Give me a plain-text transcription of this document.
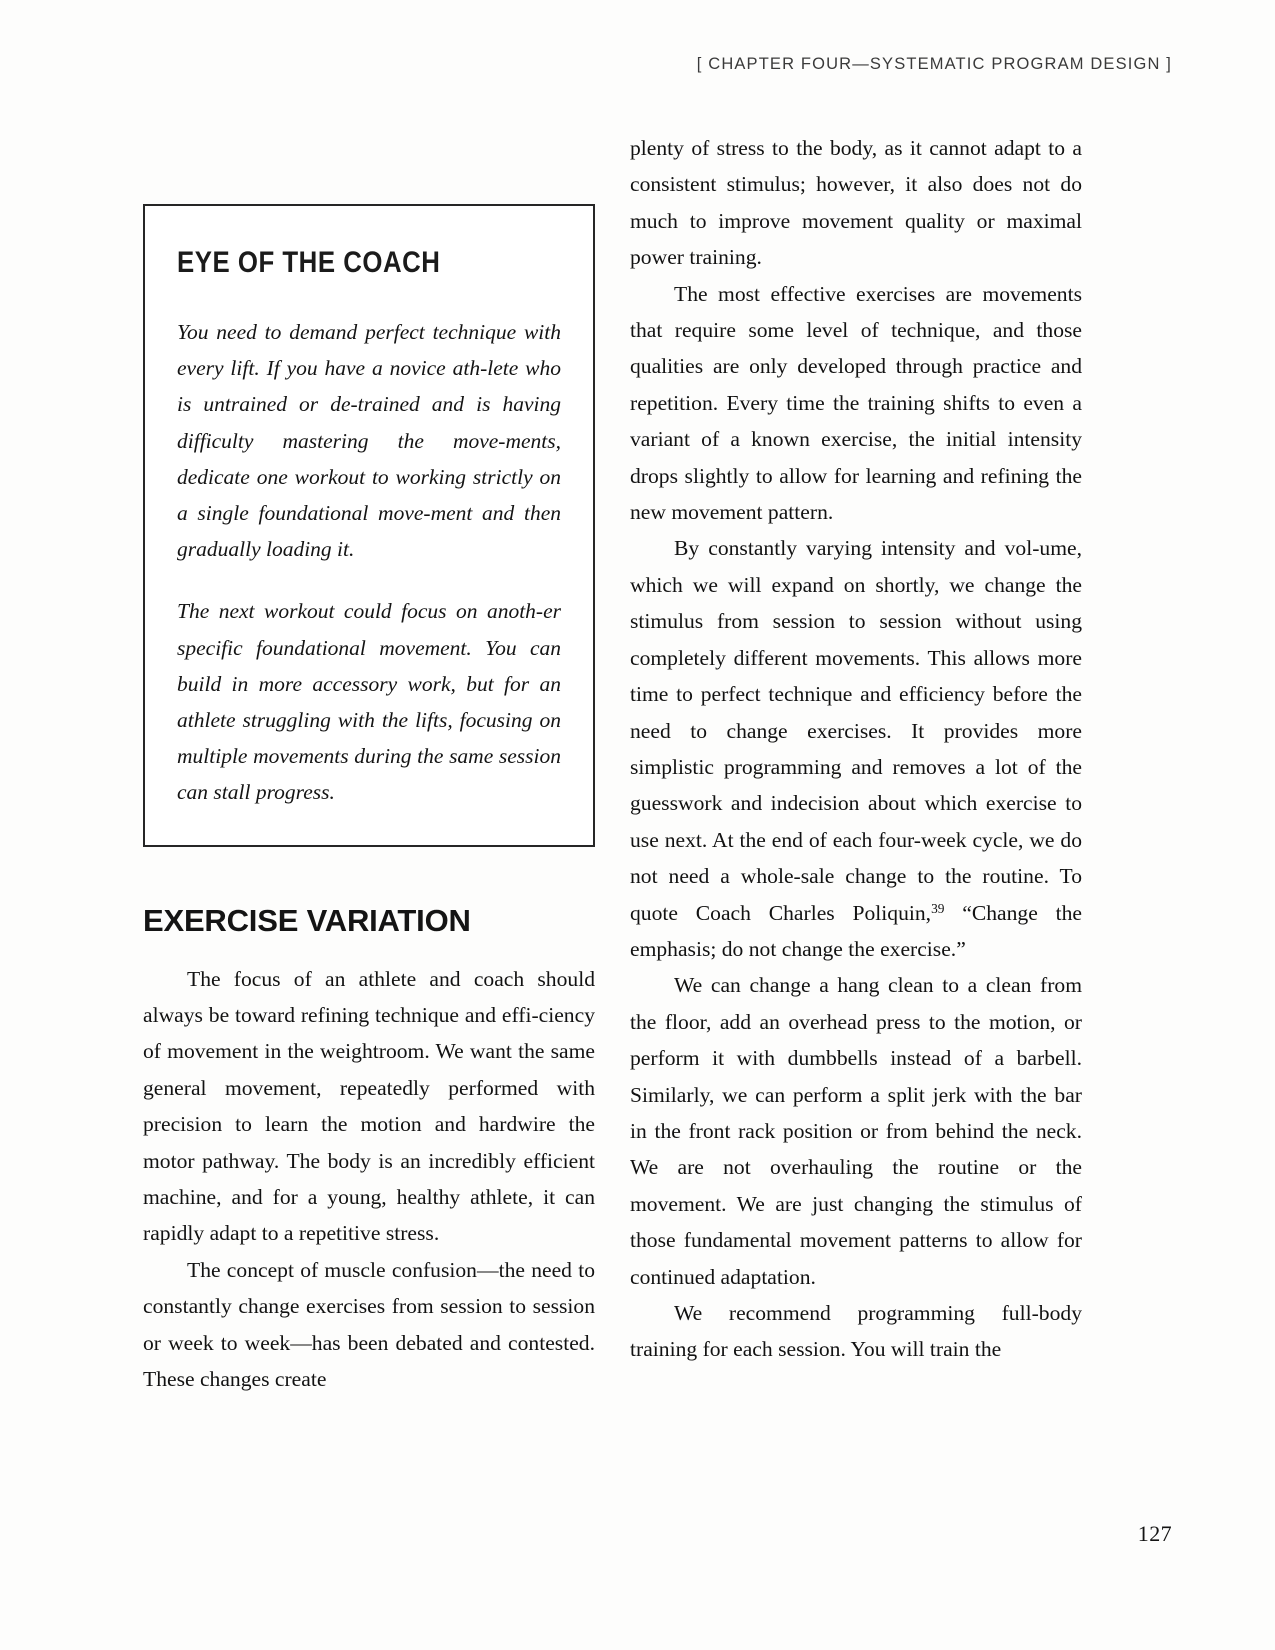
[ CHAPTER FOUR—SYSTEMATIC PROGRAM DESIGN ]
EYE OF THE COACH

You need to demand perfect technique with every lift. If you have a novice ath-lete who is untrained or de-trained and is having difficulty mastering the move-ments, dedicate one workout to working strictly on a single foundational move-ment and then gradually loading it.

The next workout could focus on anoth-er specific foundational movement. You can build in more accessory work, but for an athlete struggling with the lifts, focusing on multiple movements during the same session can stall progress.

EXERCISE VARIATION

The focus of an athlete and coach should always be toward refining technique and effi-ciency of movement in the weightroom. We want the same general movement, repeatedly performed with precision to learn the motion and hardwire the motor pathway. The body is an incredibly efficient machine, and for a young, healthy athlete, it can rapidly adapt to a repetitive stress.

The concept of muscle confusion—the need to constantly change exercises from session to session or week to week—has been debated and contested. These changes create

plenty of stress to the body, as it cannot adapt to a consistent stimulus; however, it also does not do much to improve movement quality or maximal power training.

The most effective exercises are movements that require some level of technique, and those qualities are only developed through practice and repetition. Every time the training shifts to even a variant of a known exercise, the initial intensity drops slightly to allow for learning and refining the new movement pattern.

By constantly varying intensity and vol-ume, which we will expand on shortly, we change the stimulus from session to session without using completely different movements. This allows more time to perfect technique and efficiency before the need to change exercises. It provides more simplistic programming and removes a lot of the guesswork and indecision about which exercise to use next. At the end of each four-week cycle, we do not need a whole-sale change to the routine. To quote Coach Charles Poliquin,$^{39}$ “Change the emphasis; do not change the exercise.”

We can change a hang clean to a clean from the floor, add an overhead press to the motion, or perform it with dumbbells instead of a barbell. Similarly, we can perform a split jerk with the bar in the front rack position or from behind the neck. We are not overhauling the routine or the movement. We are just changing the stimulus of those fundamental movement patterns to allow for continued adaptation.

We recommend programming full-body training for each session. You will train the

127
